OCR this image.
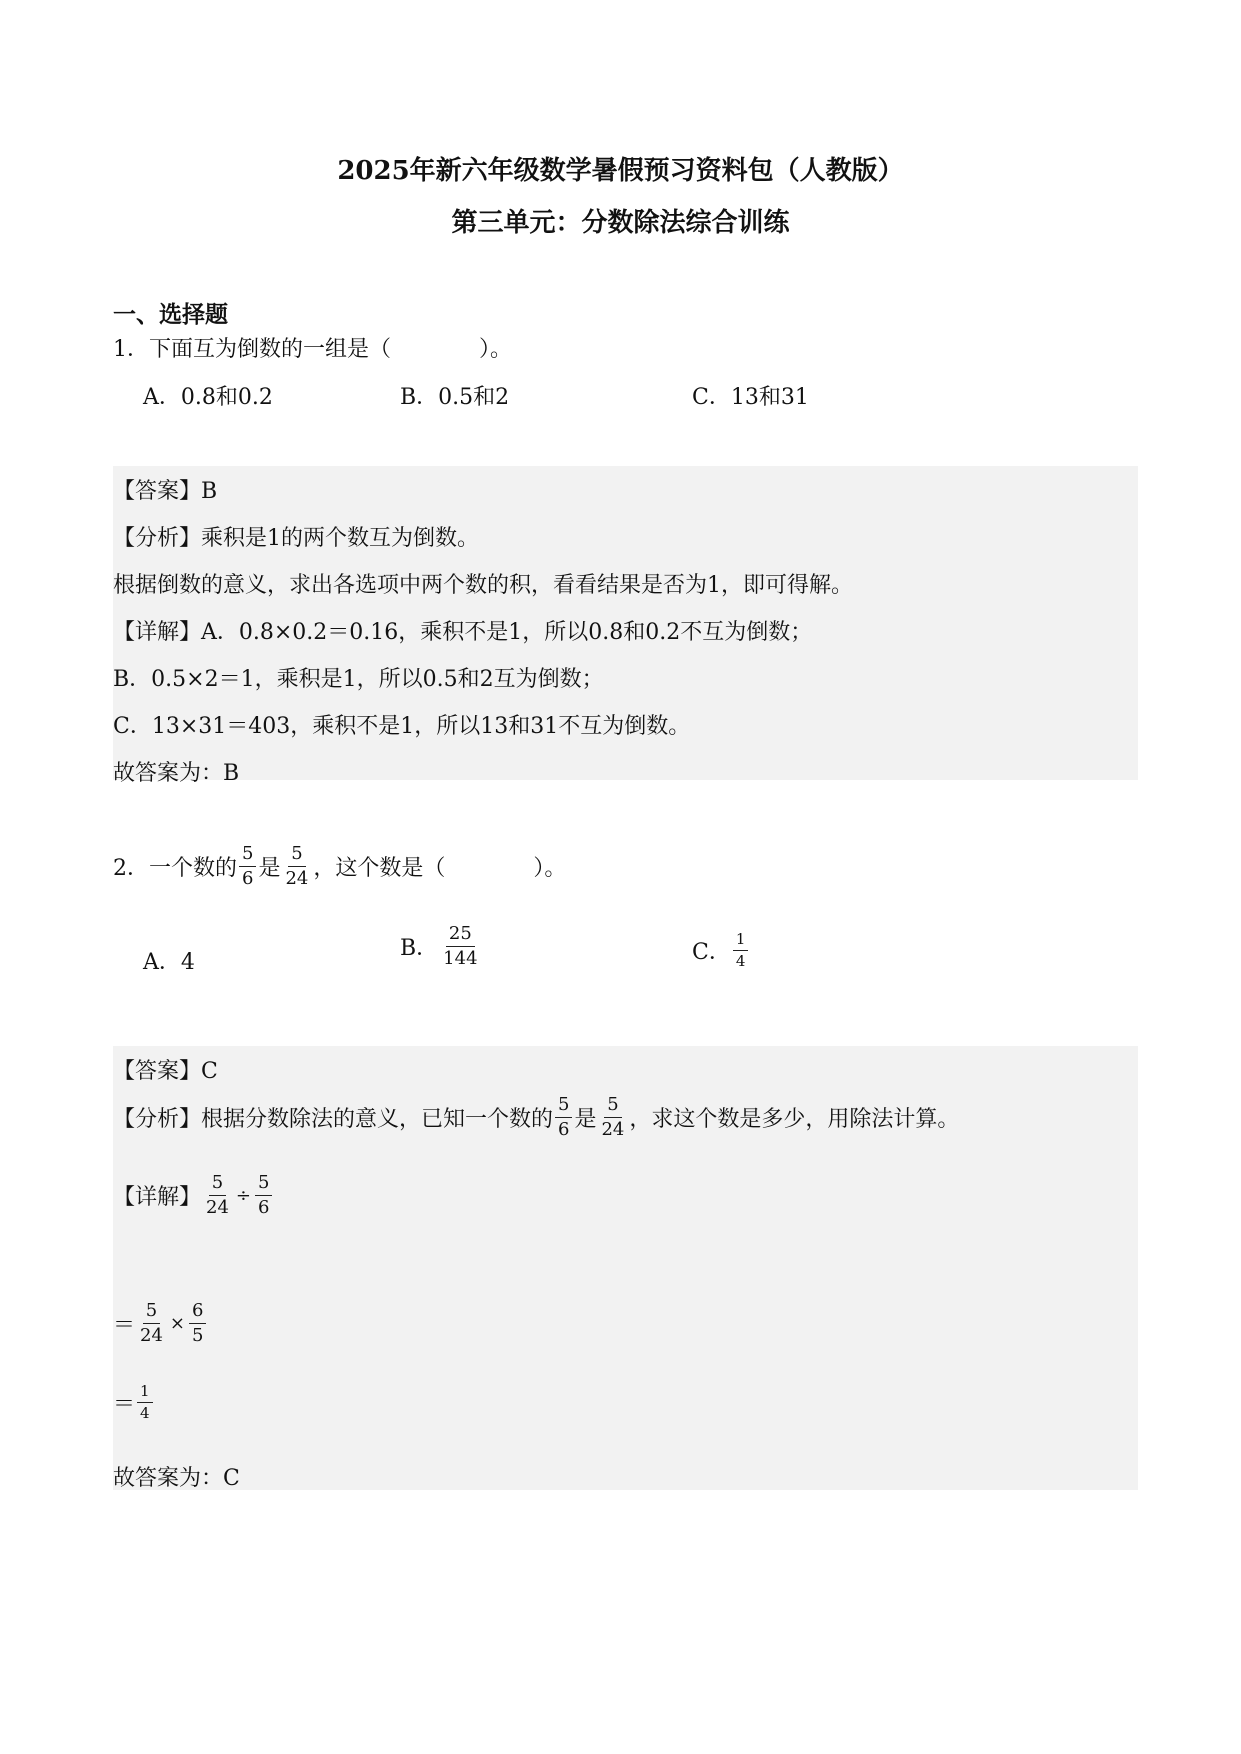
2025年新六年级数学暑假预习资料包（人教版）
第三单元：分数除法综合训练
一、选择题
1．下面互为倒数的一组是（　　　　）。
A．0.8和0.2	B．0.5和2	C．13和31
【答案】B
【分析】乘积是1的两个数互为倒数。
根据倒数的意义，求出各选项中两个数的积，看看结果是否为1，即可得解。
【详解】A．0.8×0.2＝0.16，乘积不是1，所以0.8和0.2不互为倒数；
B．0.5×2＝1，乘积是1，所以0.5和2互为倒数；
C．13×31＝403，乘积不是1，所以13和31不互为倒数。
故答案为：B
2．一个数的 $\frac{5}{6}$ 是 $\frac{5}{24}$ ，这个数是（　　　　）。
A．4
B． $\frac{25}{144}$	C． $\frac{1}{4}$
【答案】C
【分析】根据分数除法的意义，已知一个数的 $\frac{5}{6}$ 是 $\frac{5}{24}$ ，求这个数是多少，用除法计算。
【详解】 $\frac{5}{24} \div \frac{5}{6}$
＝ $\frac{5}{24} \times \frac{6}{5}$
＝ $\frac{1}{4}$
故答案为：C
